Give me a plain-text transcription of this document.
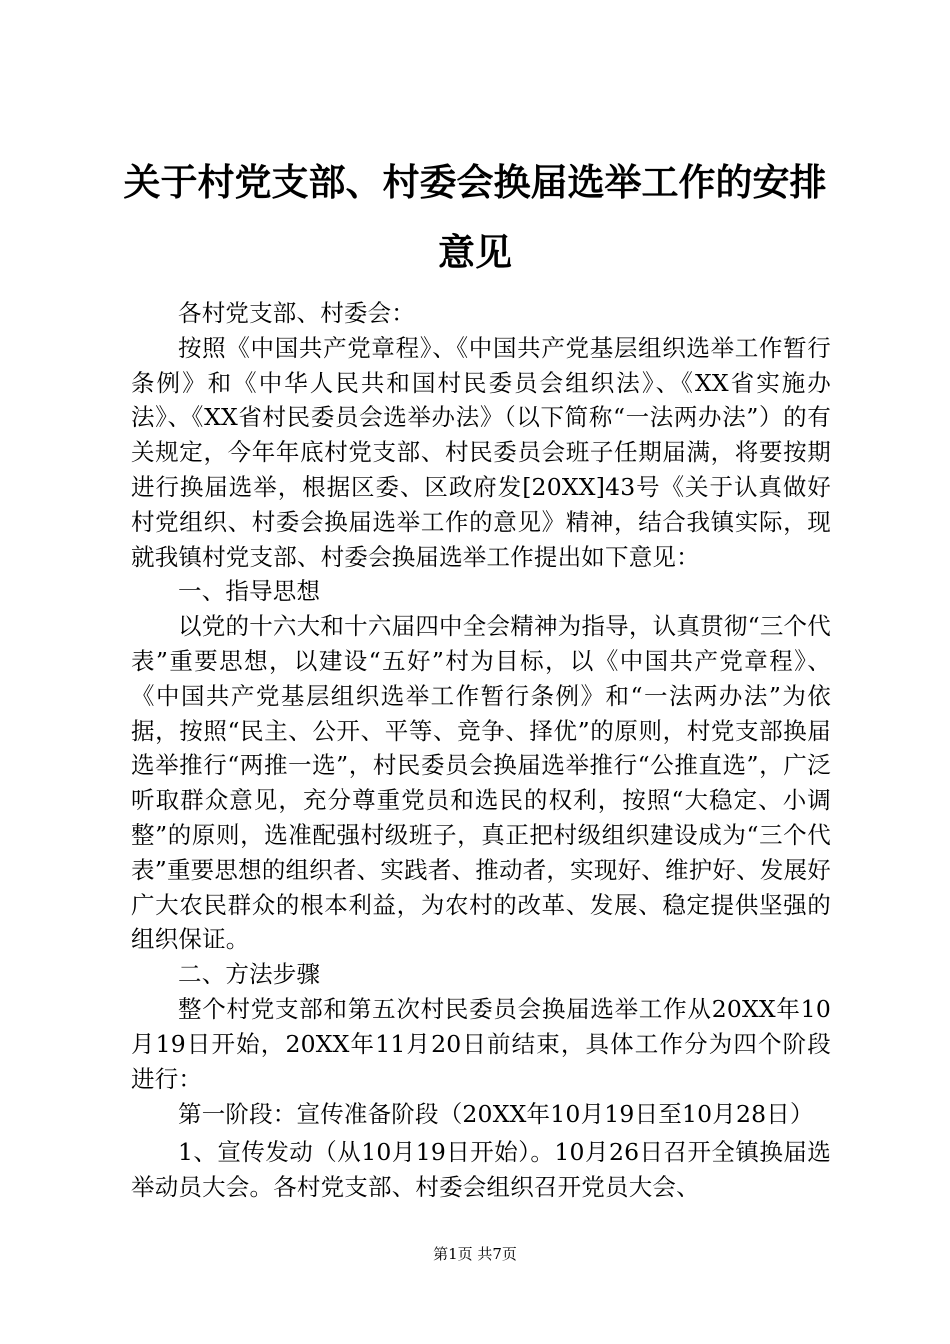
关于村党支部、村委会换届选举工作的安排意见

各村党支部、村委会：

按照《中国共产党章程》、《中国共产党基层组织选举工作暂行条例》和《中华人民共和国村民委员会组织法》、《XX省实施办法》、《XX省村民委员会选举办法》（以下简称“一法两办法”）的有关规定，今年年底村党支部、村民委员会班子任期届满，将要按期进行换届选举，根据区委、区政府发[20XX]43号《关于认真做好村党组织、村委会换届选举工作的意见》精神，结合我镇实际，现就我镇村党支部、村委会换届选举工作提出如下意见：

一、指导思想

以党的十六大和十六届四中全会精神为指导，认真贯彻“三个代表”重要思想，以建设“五好”村为目标，以《中国共产党章程》、《中国共产党基层组织选举工作暂行条例》和“一法两办法”为依据，按照“民主、公开、平等、竞争、择优”的原则，村党支部换届选举推行“两推一选”，村民委员会换届选举推行“公推直选”，广泛听取群众意见，充分尊重党员和选民的权利，按照“大稳定、小调整”的原则，选准配强村级班子，真正把村级组织建设成为“三个代表”重要思想的组织者、实践者、推动者，实现好、维护好、发展好广大农民群众的根本利益，为农村的改革、发展、稳定提供坚强的组织保证。

二、方法步骤

整个村党支部和第五次村民委员会换届选举工作从20XX年10月19日开始，20XX年11月20日前结束，具体工作分为四个阶段进行：

第一阶段：宣传准备阶段（20XX年10月19日至10月28日）

1、宣传发动（从10月19日开始）。10月26日召开全镇换届选举动员大会。各村党支部、村委会组织召开党员大会、

第1页 共7页
